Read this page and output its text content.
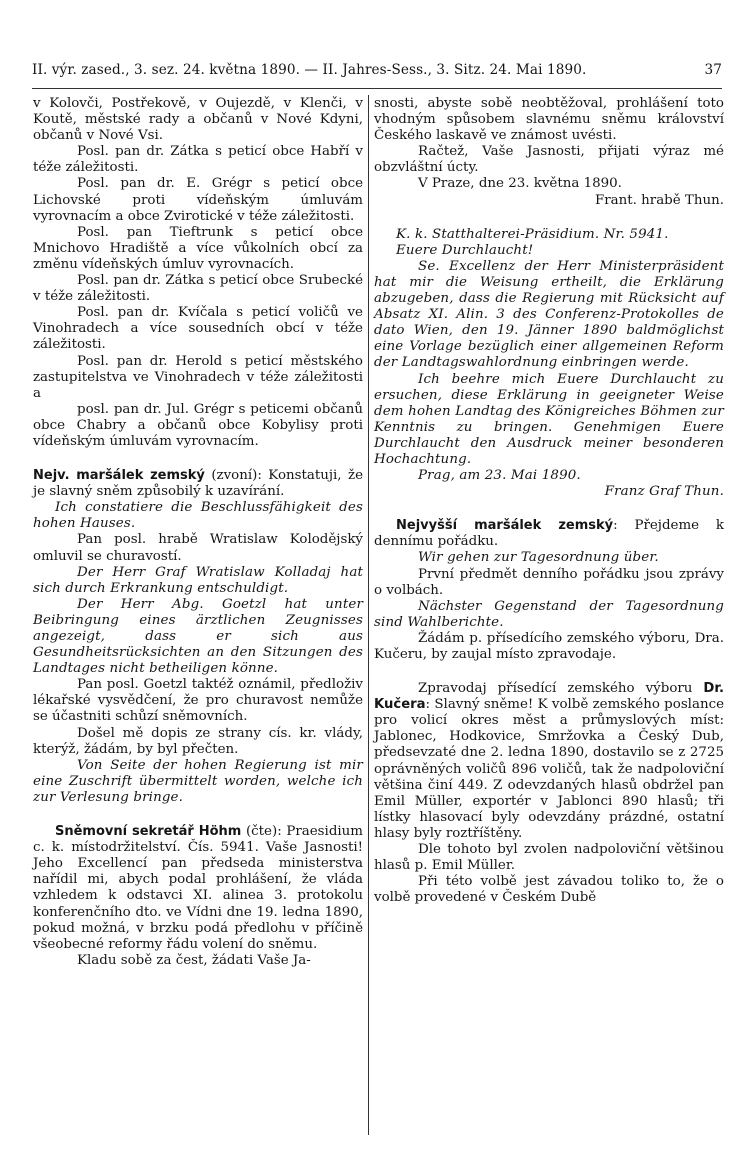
II. výr. zased., 3. sez. 24. května 1890. — II. Jahres-Sess., 3. Sitz. 24. Mai 1890.	37

v Kolovči, Postřekově, v Oujezdě, v Klenči, v Koutě, městské rady a občanů v Nové Kdyni, občanů v Nové Vsi.

Posl. pan dr. Zátka s peticí obce Habří v téže záležitosti.

Posl. pan dr. E. Grégr s peticí obce Lichovské proti vídeňským úmluvám vyrovnacím a obce Zvirotické v téže záležitosti.

Posl. pan Tieftrunk s peticí obce Mnichovo Hradiště a více vůkolních obcí za změnu vídeňských úmluv vyrovnacích.

Posl. pan dr. Zátka s peticí obce Srubecké v téže záležitosti.

Posl. pan dr. Kvíčala s peticí voličů ve Vinohradech a více sousedních obcí v téže záležitosti.

Posl. pan dr. Herold s peticí městského zastupitelstva ve Vinohradech v téže záležitosti a

posl. pan dr. Jul. Grégr s peticemi občanů obce Chabry a občanů obce Kobylisy proti vídeňským úmluvám vyrovnacím.

Nejv. maršálek zemský (zvoní): Konstatuji, že je slavný sněm způsobilý k uzavírání.

Ich constatiere die Beschlussfähigkeit des hohen Hauses.

Pan posl. hrabě Wratislaw Kolodějský omluvil se churavostí.

Der Herr Graf Wratislaw Kolladaj hat sich durch Erkrankung entschuldigt.

Der Herr Abg. Goetzl hat unter Beibringung eines ärztlichen Zeugnisses angezeigt, dass er sich aus Gesundheitsrücksichten an den Sitzungen des Landtages nicht betheiligen könne.

Pan posl. Goetzl taktéž oznámil, předloživ lékařské vysvědčení, že pro churavost nemůže se účastniti schůzí sněmovních.

Došel mě dopis ze strany cís. kr. vlády, kterýž, žádám, by byl přečten.

Von Seite der hohen Regierung ist mir eine Zuschrift übermittelt worden, welche ich zur Verlesung bringe.

Sněmovní sekretář Höhm (čte): Praesidium c. k. místodržitelství. Čís. 5941. Vaše Jasnosti! Jeho Excellencí pan předseda ministerstva nařídil mi, abych podal prohlášení, že vláda vzhledem k odstavci XI. alinea 3. protokolu konferenčního dto. ve Vídni dne 19. ledna 1890, pokud možná, v brzku podá předlohu v příčině všeobecné reformy řádu volení do sněmu.

Kladu sobě za čest, žádati Vaše Ja-

snosti, abyste sobě neobtěžoval, prohlášení toto vhodným spůsobem slavnému sněmu království Českého laskavě ve známost uvésti.

Račtež, Vaše Jasnosti, přijati výraz mé obzvláštní úcty.

V Praze, dne 23. května 1890.

Frant. hrabě Thun.

K. k. Statthalterei-Präsidium. Nr. 5941.

Euere Durchlaucht!

Se. Excellenz der Herr Ministerpräsident hat mir die Weisung ertheilt, die Erklärung abzugeben, dass die Regierung mit Rücksicht auf Absatz XI. Alin. 3 des Conferenz-Protokolles de dato Wien, den 19. Jänner 1890 baldmöglichst eine Vorlage bezüglich einer allgemeinen Reform der Landtagswahlordnung einbringen werde.

Ich beehre mich Euere Durchlaucht zu ersuchen, diese Erklärung in geeigneter Weise dem hohen Landtag des Königreiches Böhmen zur Kenntnis zu bringen. Genehmigen Euere Durchlaucht den Ausdruck meiner besonderen Hochachtung.

Prag, am 23. Mai 1890.

Franz Graf Thun.

Nejvyšší maršálek zemský: Přejdeme k dennímu pořádku.

Wir gehen zur Tagesordnung über.

První předmět denního pořádku jsou zprávy o volbách.

Nächster Gegenstand der Tagesordnung sind Wahlberichte.

Žádám p. přísedícího zemského výboru, Dra. Kučeru, by zaujal místo zpravodaje.

Zpravodaj přísedící zemského výboru Dr. Kučera: Slavný sněme! K volbě zemského poslance pro volicí okres měst a průmyslových míst: Jablonec, Hodkovice, Smržovka a Český Dub, předsevzaté dne 2. ledna 1890, dostavilo se z 2725 oprávněných voličů 896 voličů, tak že nadpoloviční většina činí 449. Z odevzdaných hlasů obdržel pan Emil Müller, exportér v Jablonci 890 hlasů; tři lístky hlasovací byly odevzdány prázdné, ostatní hlasy byly roztříštěny.

Dle tohoto byl zvolen nadpoloviční většinou hlasů p. Emil Müller.

Při této volbě jest závadou toliko to, že o volbě provedené v Českém Dubě
